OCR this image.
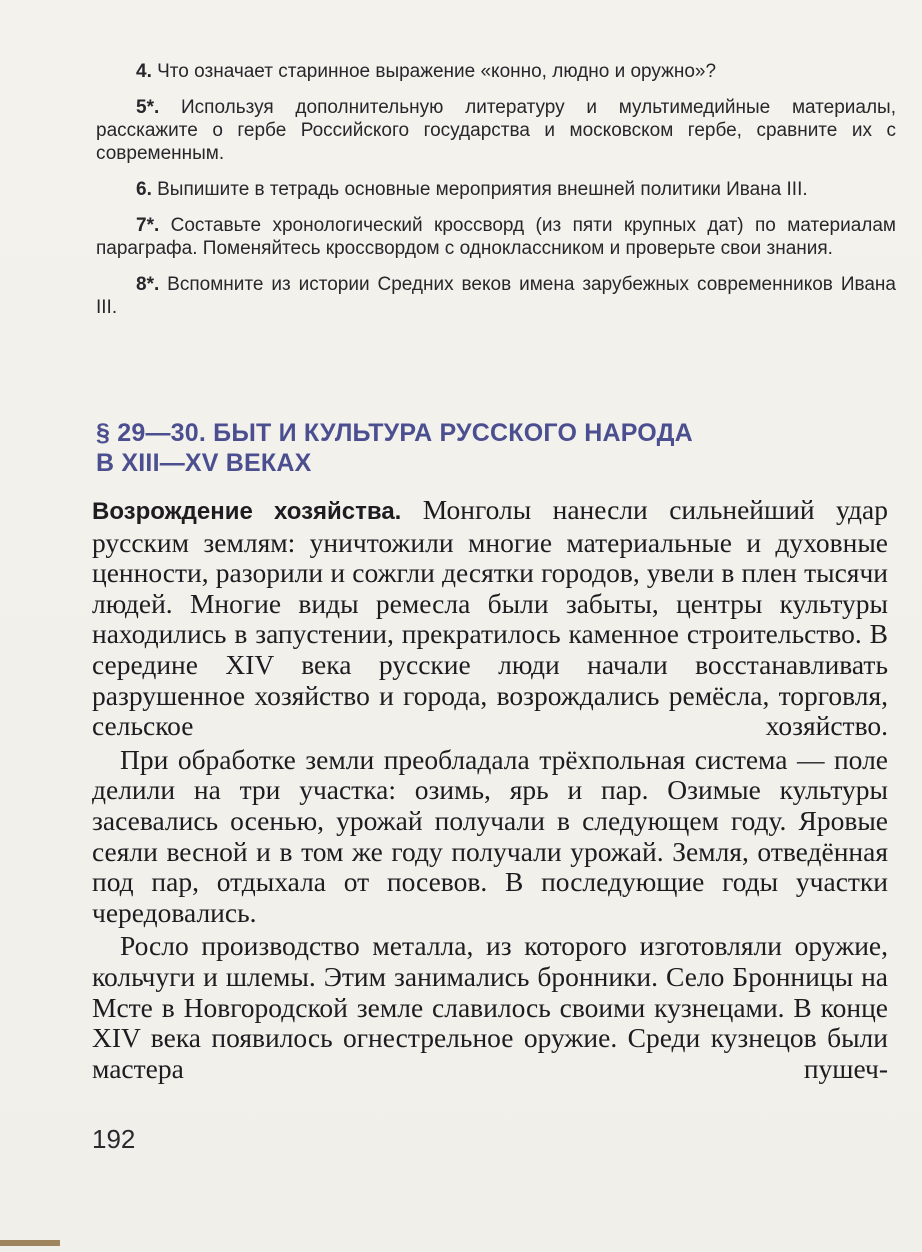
4. Что означает старинное выражение «конно, людно и оружно»?

5*. Используя дополнительную литературу и мультимедийные материалы, расскажите о гербе Российского государства и московском гербе, сравните их с современным.

6. Выпишите в тетрадь основные мероприятия внешней политики Ивана III.

7*. Составьте хронологический кроссворд (из пяти крупных дат) по материалам параграфа. Поменяйтесь кроссвордом с одноклассником и проверьте свои знания.

8*. Вспомните из истории Средних веков имена зарубежных современников Ивана III.

§ 29—30. БЫТ И КУЛЬТУРА РУССКОГО НАРОДА
В XIII—XV ВЕКАХ

Возрождение хозяйства. Монголы нанесли сильнейший удар русским землям: уничтожили многие материальные и духовные ценности, разорили и сожгли десятки городов, увели в плен тысячи людей. Многие виды ремесла были забыты, центры культуры находились в запустении, прекратилось каменное строительство. В середине XIV века русские люди начали восстанавливать разрушенное хозяйство и города, возрождались ремёсла, торговля, сельское хозяйство.

При обработке земли преобладала трёхпольная система — поле делили на три участка: озимь, ярь и пар. Озимые культуры засевались осенью, урожай получали в следующем году. Яровые сеяли весной и в том же году получали урожай. Земля, отведённая под пар, отдыхала от посевов. В последующие годы участки чередовались.

Росло производство металла, из которого изготовляли оружие, кольчуги и шлемы. Этим занимались бронники. Село Бронницы на Мсте в Новгородской земле славилось своими кузнецами. В конце XIV века появилось огнестрельное оружие. Среди кузнецов были мастера пушеч-

192
